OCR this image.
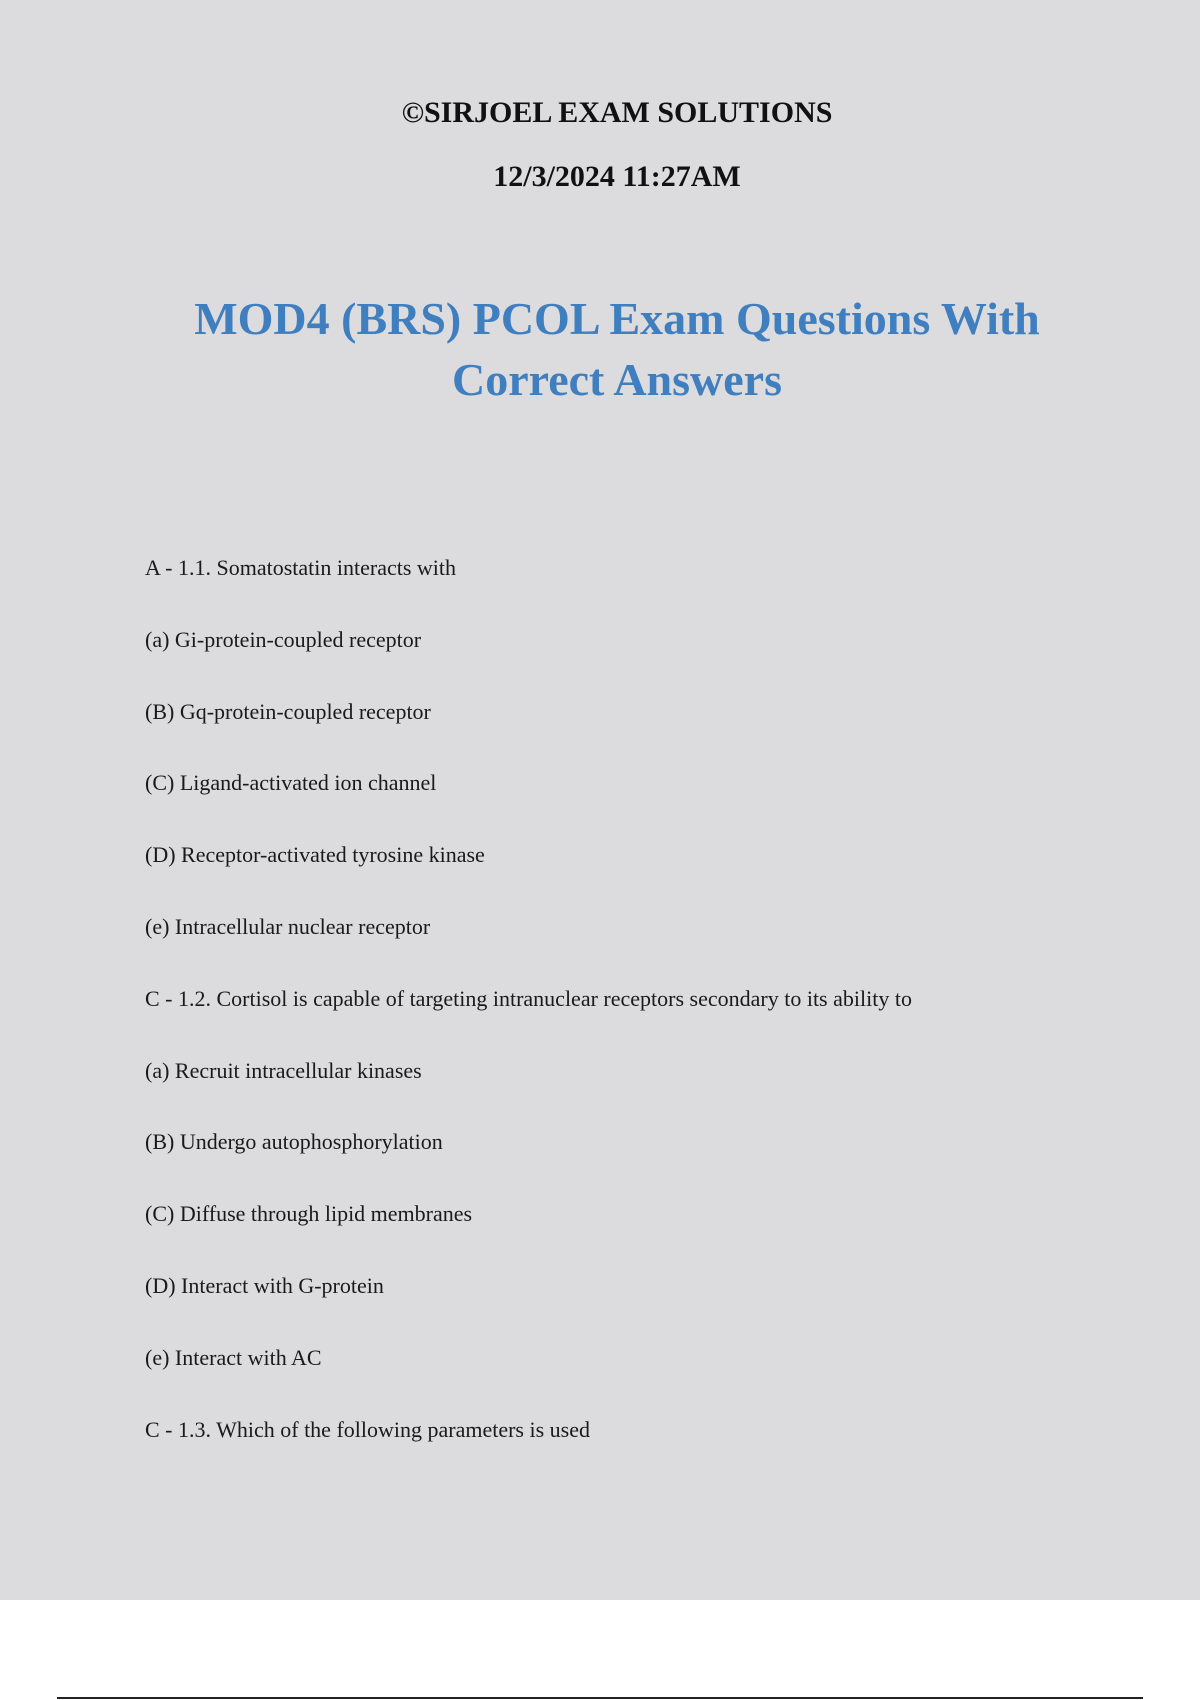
©SIRJOEL EXAM SOLUTIONS

12/3/2024 11:27AM

MOD4 (BRS) PCOL Exam Questions With Correct Answers
A - 1.1. Somatostatin interacts with
(a) Gi-protein-coupled receptor
(B) Gq-protein-coupled receptor
(C) Ligand-activated ion channel
(D) Receptor-activated tyrosine kinase
(e) Intracellular nuclear receptor
C - 1.2. Cortisol is capable of targeting intranuclear receptors secondary to its ability to
(a) Recruit intracellular kinases
(B) Undergo autophosphorylation
(C) Diffuse through lipid membranes
(D) Interact with G-protein
(e) Interact with AC
C - 1.3. Which of the following parameters is used
